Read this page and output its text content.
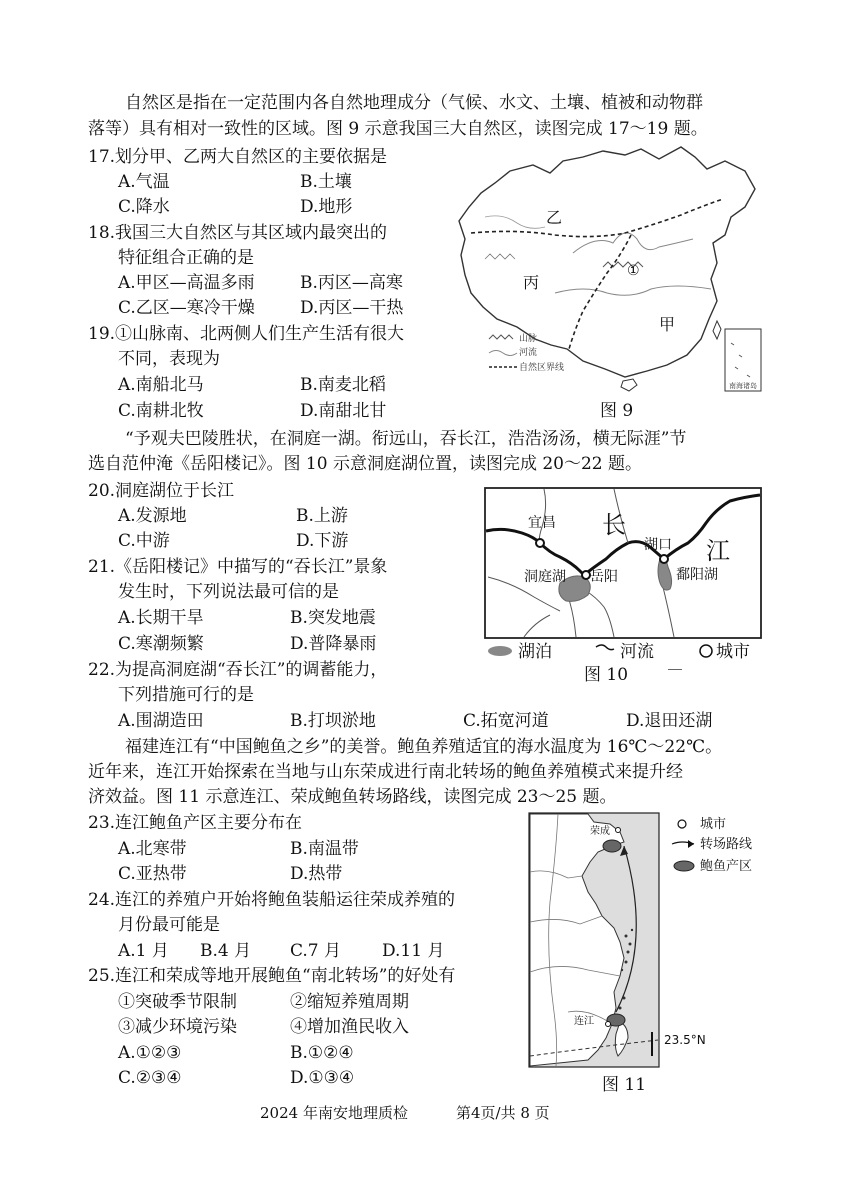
自然区是指在一定范围内各自然地理成分（气候、水文、土壤、植被和动物群
落等）具有相对一致性的区域。图 9 示意我国三大自然区，读图完成 17～19 题。
17.划分甲、乙两大自然区的主要依据是
A.气温	B.土壤
C.降水	D.地形
18.我国三大自然区与其区域内最突出的
特征组合正确的是
A.甲区—高温多雨	B.丙区—高寒
C.乙区—寒冷干燥	D.丙区—干热
19.①山脉南、北两侧人们生产生活有很大
不同，表现为
A.南船北马	B.南麦北稻
C.南耕北牧	D.南甜北甘
乙
丙
甲
①
山脉
河流
自然区界线
南海诸岛
图 9
“予观夫巴陵胜状，在洞庭一湖。衔远山，吞长江，浩浩汤汤，横无际涯”节
选自范仲淹《岳阳楼记》。图 10 示意洞庭湖位置，读图完成 20～22 题。
20.洞庭湖位于长江
A.发源地	B.上游
C.中游	D.下游
21.《岳阳楼记》中描写的“吞长江”景象
发生时，下列说法最可信的是
A.长期干旱	B.突发地震
C.寒潮频繁	D.普降暴雨
22.为提高洞庭湖“吞长江”的调蓄能力，
下列措施可行的是
A.围湖造田	B.打坝淤地	C.拓宽河道	D.退田还湖
宜昌 长
江
湖口
洞庭湖 岳阳	鄱阳湖
湖泊	河流	城市
图 10
福建连江有“中国鲍鱼之乡”的美誉。鲍鱼养殖适宜的海水温度为 16℃～22℃。
近年来，连江开始探索在当地与山东荣成进行南北转场的鲍鱼养殖模式来提升经
济效益。图 11 示意连江、荣成鲍鱼转场路线，读图完成 23～25 题。
23.连江鲍鱼产区主要分布在
A.北寒带	B.南温带
C.亚热带	D.热带
24.连江的养殖户开始将鲍鱼装船运往荣成养殖的
月份最可能是
A.1 月 B.4 月 C.7 月 D.11 月
25.连江和荣成等地开展鲍鱼“南北转场”的好处有
①突破季节限制	②缩短养殖周期
③减少环境污染	④增加渔民收入
A.①②③	B.①②④
C.②③④	D.①③④
荣成
连江
23.5°N
城市
转场路线
鲍鱼产区
图 11
2024 年南安地理质检	第4页/共 8 页
